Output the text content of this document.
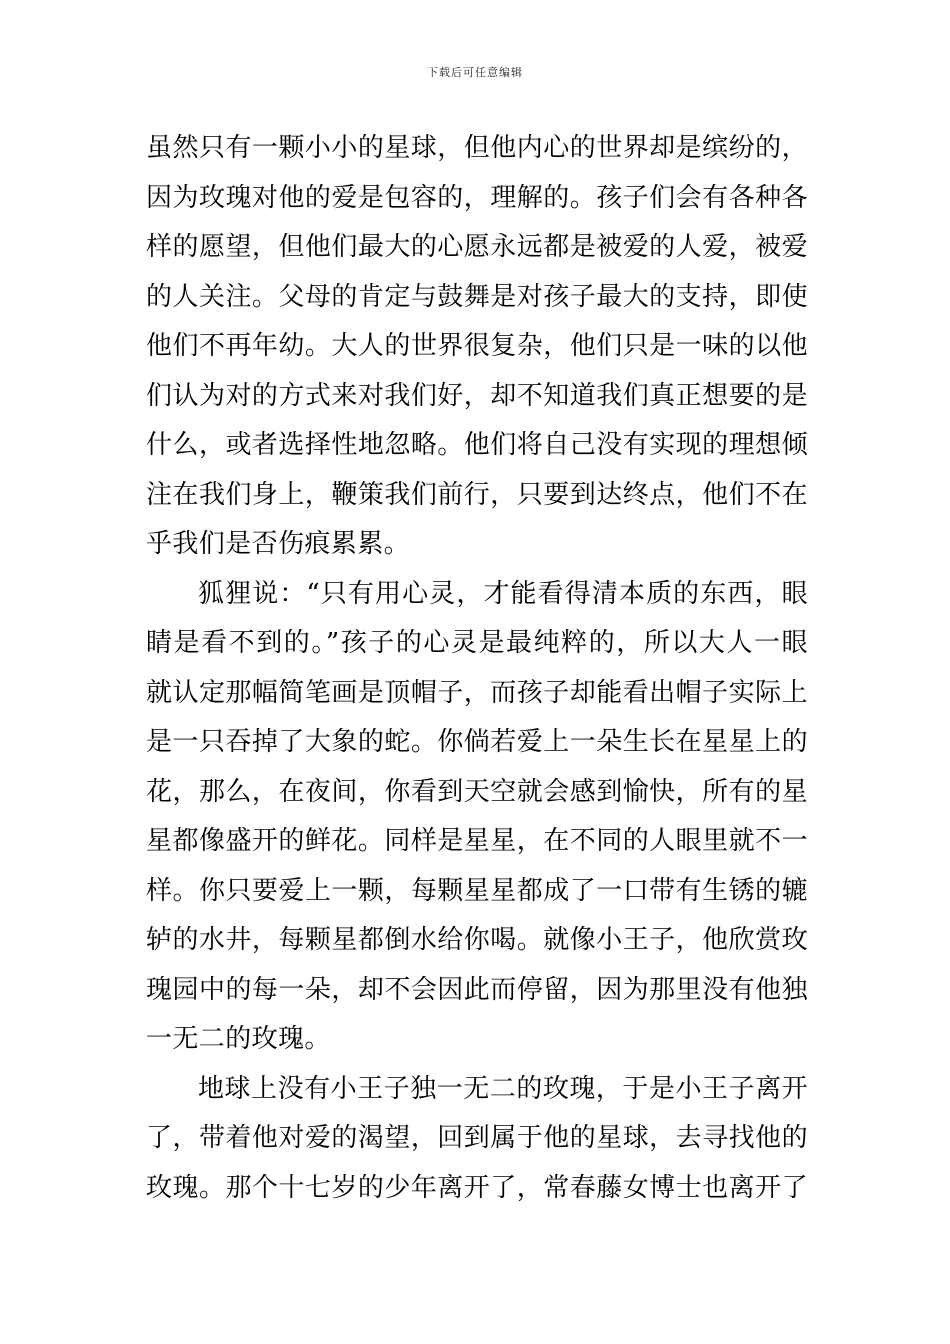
下载后可任意编辑
虽然只有一颗小小的星球，但他内心的世界却是缤纷的，
因为玫瑰对他的爱是包容的，理解的。孩子们会有各种各
样的愿望，但他们最大的心愿永远都是被爱的人爱，被爱
的人关注。父母的肯定与鼓舞是对孩子最大的支持，即使
他们不再年幼。大人的世界很复杂，他们只是一味的以他
们认为对的方式来对我们好，却不知道我们真正想要的是
什么，或者选择性地忽略。他们将自己没有实现的理想倾
注在我们身上，鞭策我们前行，只要到达终点，他们不在
乎我们是否伤痕累累。
狐狸说：“只有用心灵，才能看得清本质的东西，眼
睛是看不到的。”孩子的心灵是最纯粹的，所以大人一眼
就认定那幅简笔画是顶帽子，而孩子却能看出帽子实际上
是一只吞掉了大象的蛇。你倘若爱上一朵生长在星星上的
花，那么，在夜间，你看到天空就会感到愉快，所有的星
星都像盛开的鲜花。同样是星星，在不同的人眼里就不一
样。你只要爱上一颗，每颗星星都成了一口带有生锈的辘
轳的水井，每颗星都倒水给你喝。就像小王子，他欣赏玫
瑰园中的每一朵，却不会因此而停留，因为那里没有他独
一无二的玫瑰。
地球上没有小王子独一无二的玫瑰，于是小王子离开
了，带着他对爱的渴望，回到属于他的星球，去寻找他的
玫瑰。那个十七岁的少年离开了，常春藤女博士也离开了
